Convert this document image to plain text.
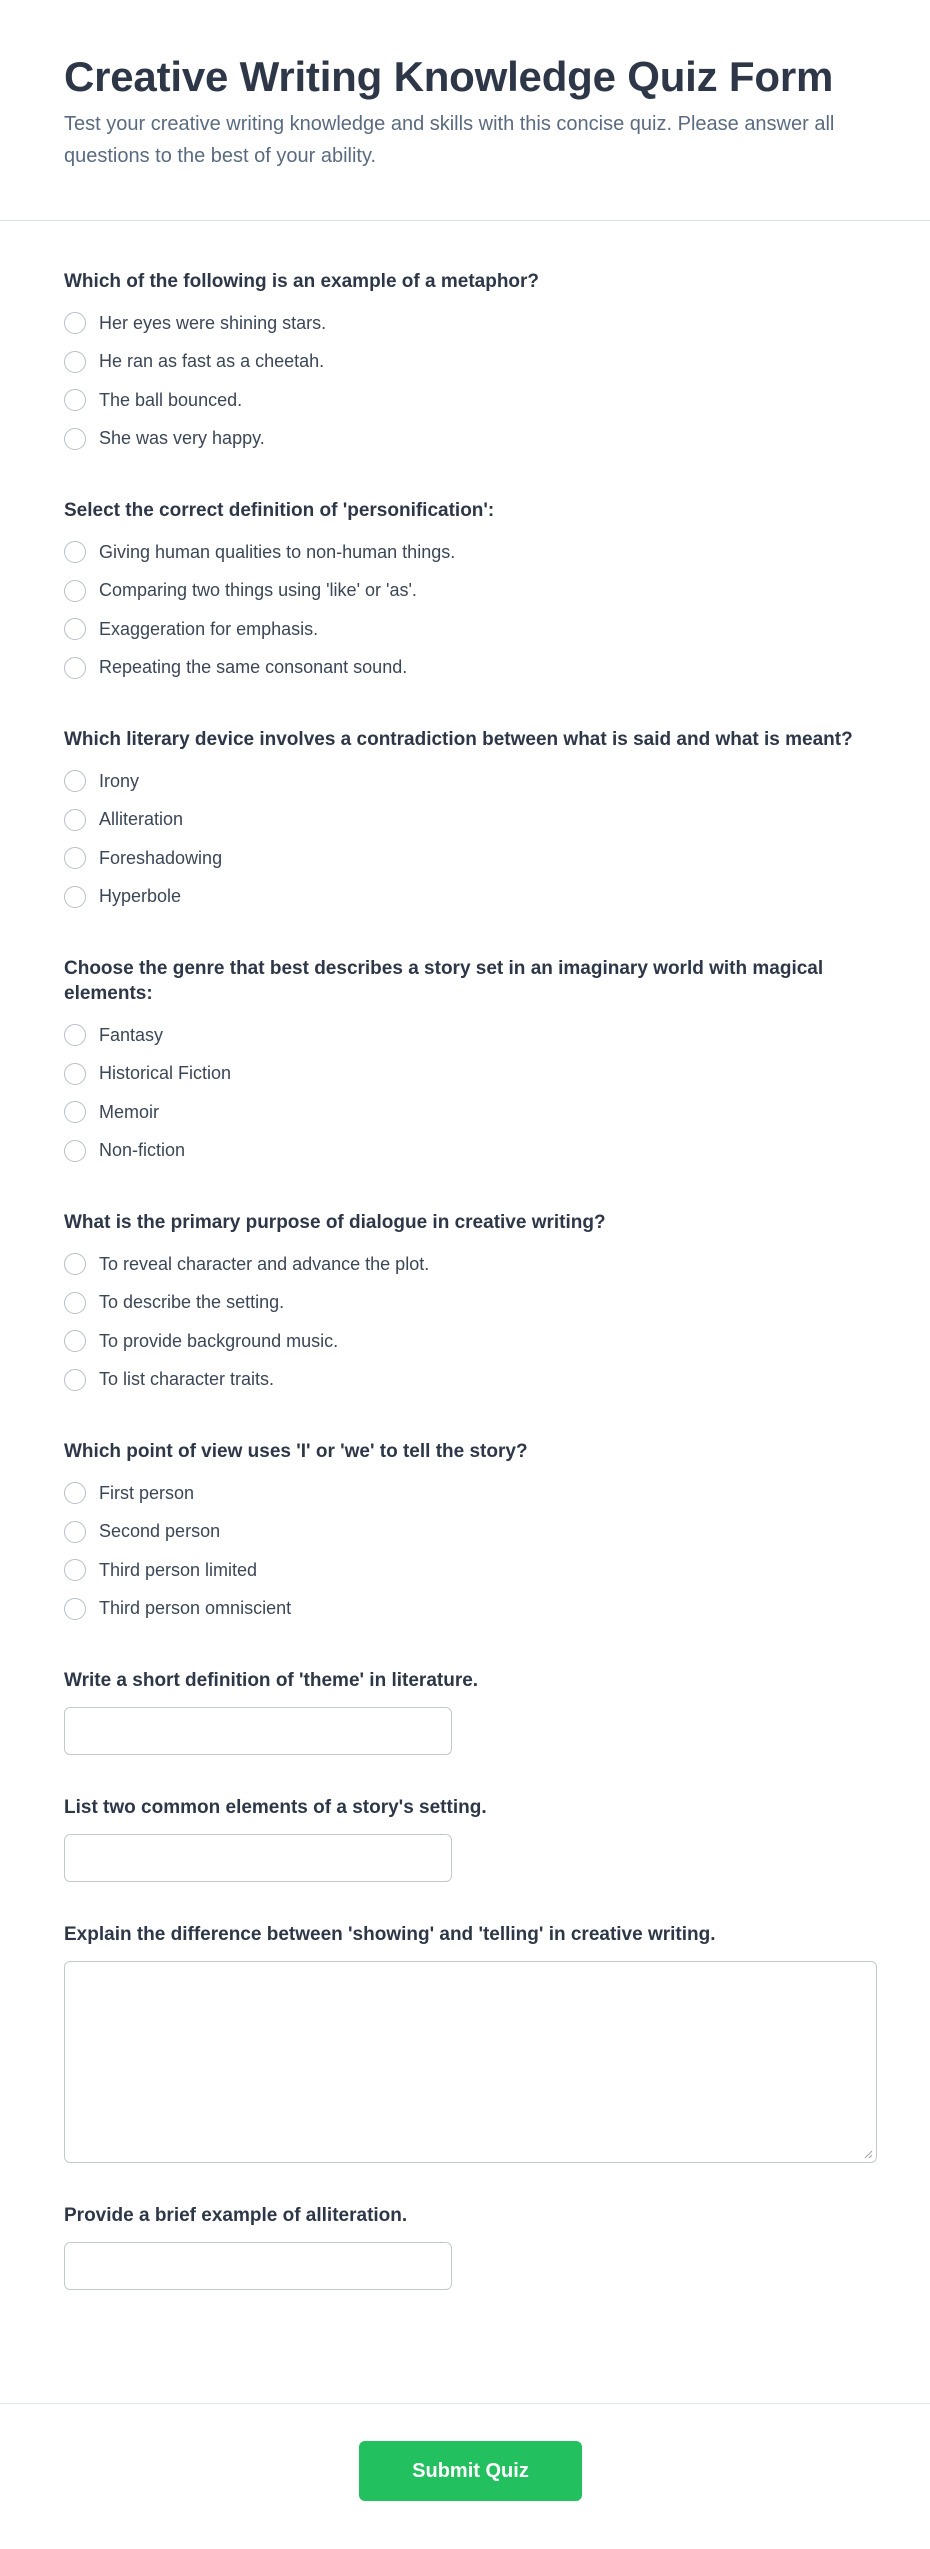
Creative Writing Knowledge Quiz Form
Test your creative writing knowledge and skills with this concise quiz. Please answer all questions to the best of your ability.
Which of the following is an example of a metaphor?
Her eyes were shining stars.
He ran as fast as a cheetah.
The ball bounced.
She was very happy.
Select the correct definition of 'personification':
Giving human qualities to non-human things.
Comparing two things using 'like' or 'as'.
Exaggeration for emphasis.
Repeating the same consonant sound.
Which literary device involves a contradiction between what is said and what is meant?
Irony
Alliteration
Foreshadowing
Hyperbole
Choose the genre that best describes a story set in an imaginary world with magical elements:
Fantasy
Historical Fiction
Memoir
Non-fiction
What is the primary purpose of dialogue in creative writing?
To reveal character and advance the plot.
To describe the setting.
To provide background music.
To list character traits.
Which point of view uses 'I' or 'we' to tell the story?
First person
Second person
Third person limited
Third person omniscient
Write a short definition of 'theme' in literature.
List two common elements of a story's setting.
Explain the difference between 'showing' and 'telling' in creative writing.
Provide a brief example of alliteration.
Submit Quiz
